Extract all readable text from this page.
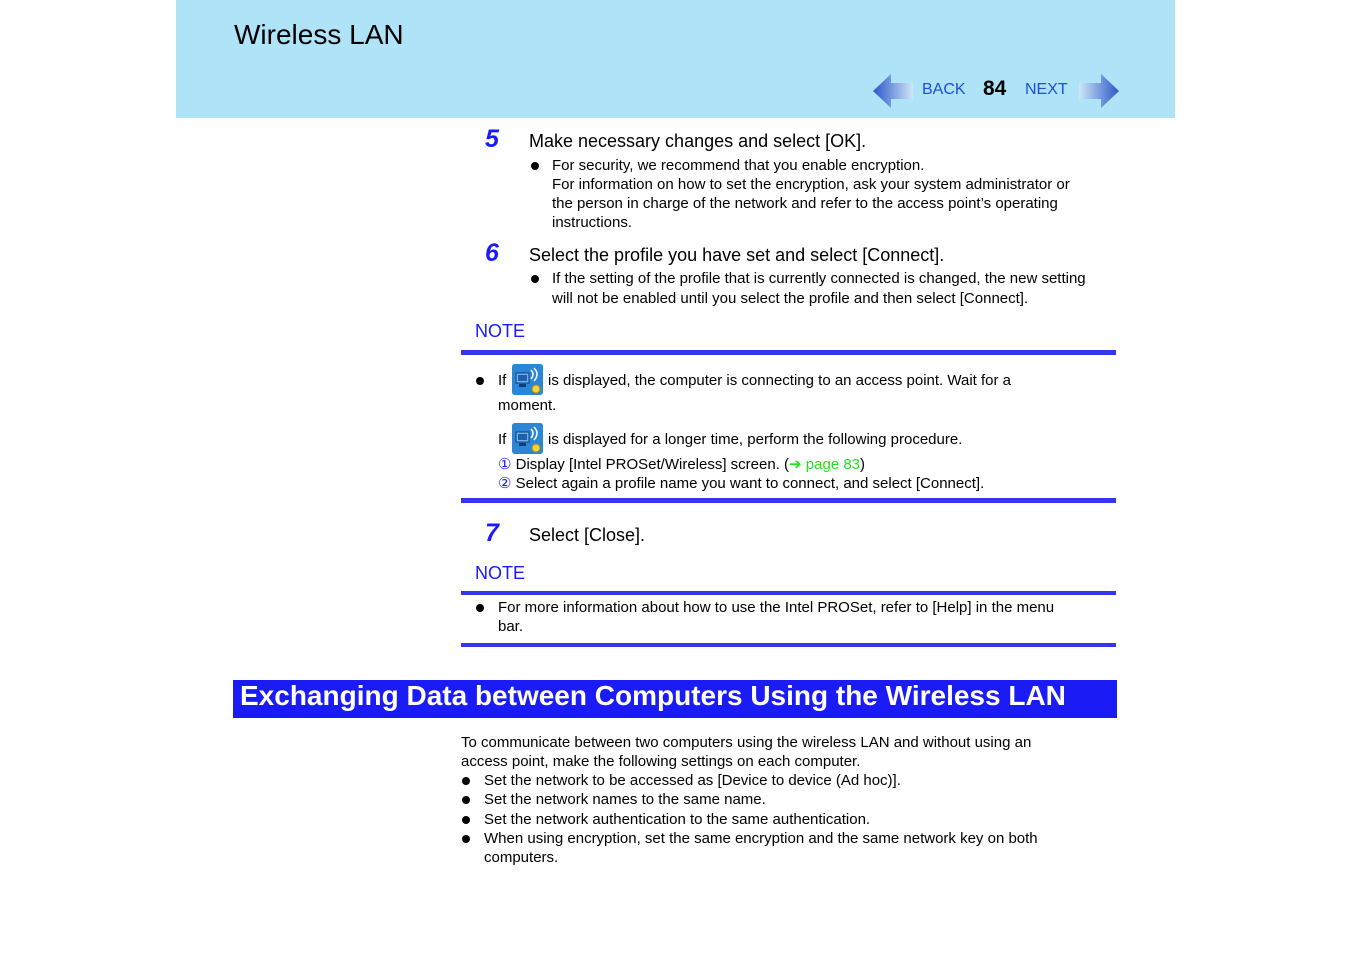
Wireless LAN
BACK 84 NEXT
5 Make necessary changes and select [OK].
For security, we recommend that you enable encryption.
For information on how to set the encryption, ask your system administrator or
the person in charge of the network and refer to the access point’s operating
instructions.
6 Select the profile you have set and select [Connect].
If the setting of the profile that is currently connected is changed, the new setting
will not be enabled until you select the profile and then select [Connect].
NOTE
If	is displayed, the computer is connecting to an access point. Wait for a
moment.
If	is displayed for a longer time, perform the following procedure.
① Display [Intel PROSet/Wireless] screen. (➔ page 83)
② Select again a profile name you want to connect, and select [Connect].
7 Select [Close].
NOTE
For more information about how to use the Intel PROSet, refer to [Help] in the menu
bar.
Exchanging Data between Computers Using the Wireless LAN
To communicate between two computers using the wireless LAN and without using an
access point, make the following settings on each computer.
Set the network to be accessed as [Device to device (Ad hoc)].
Set the network names to the same name.
Set the network authentication to the same authentication.
When using encryption, set the same encryption and the same network key on both
computers.
